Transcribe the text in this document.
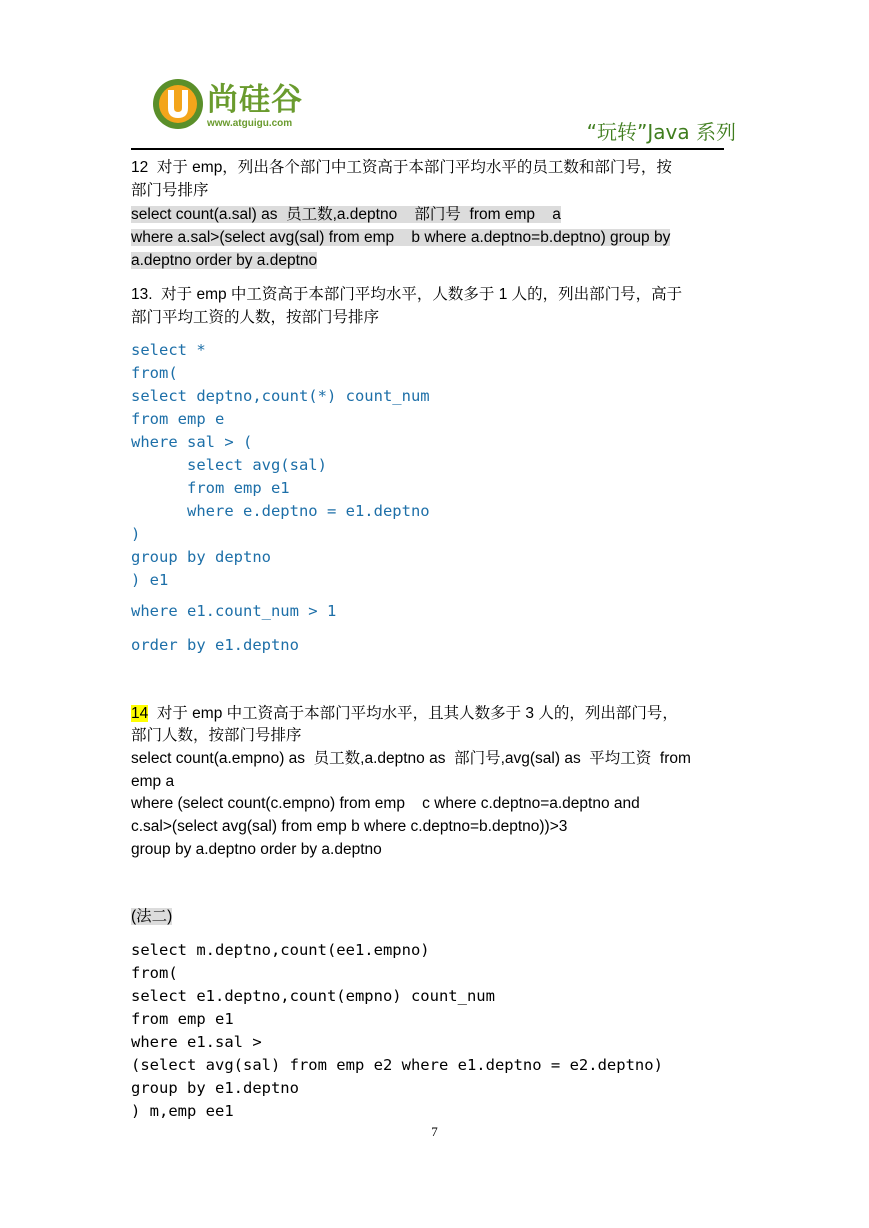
尚硅谷
www.atguigu.com	“玩转”Java 系列
12  对于 emp，列出各个部门中工资高于本部门平均水平的员工数和部门号，按
部门号排序
select count(a.sal) as  员工数,a.deptno    部门号  from emp    a
where a.sal>(select avg(sal) from emp    b where a.deptno=b.deptno) group by
a.deptno order by a.deptno
13.  对于 emp 中工资高于本部门平均水平，人数多于 1 人的，列出部门号，高于
部门平均工资的人数，按部门号排序
select *
from(
select deptno,count(*) count_num
from emp e
where sal > (
select avg(sal)
from emp e1
where e.deptno = e1.deptno
)
group by deptno
) e1
where e1.count_num > 1
order by e1.deptno
14  对于 emp 中工资高于本部门平均水平，且其人数多于 3 人的，列出部门号，
部门人数，按部门号排序
select count(a.empno) as  员工数,a.deptno as  部门号,avg(sal) as  平均工资  from
emp a
where (select count(c.empno) from emp    c where c.deptno=a.deptno and
c.sal>(select avg(sal) from emp b where c.deptno=b.deptno))>3
group by a.deptno order by a.deptno
(法二)
select m.deptno,count(ee1.empno)
from(
select e1.deptno,count(empno) count_num
from emp e1
where e1.sal >
(select avg(sal) from emp e2 where e1.deptno = e2.deptno)
group by e1.deptno
) m,emp ee1
7
